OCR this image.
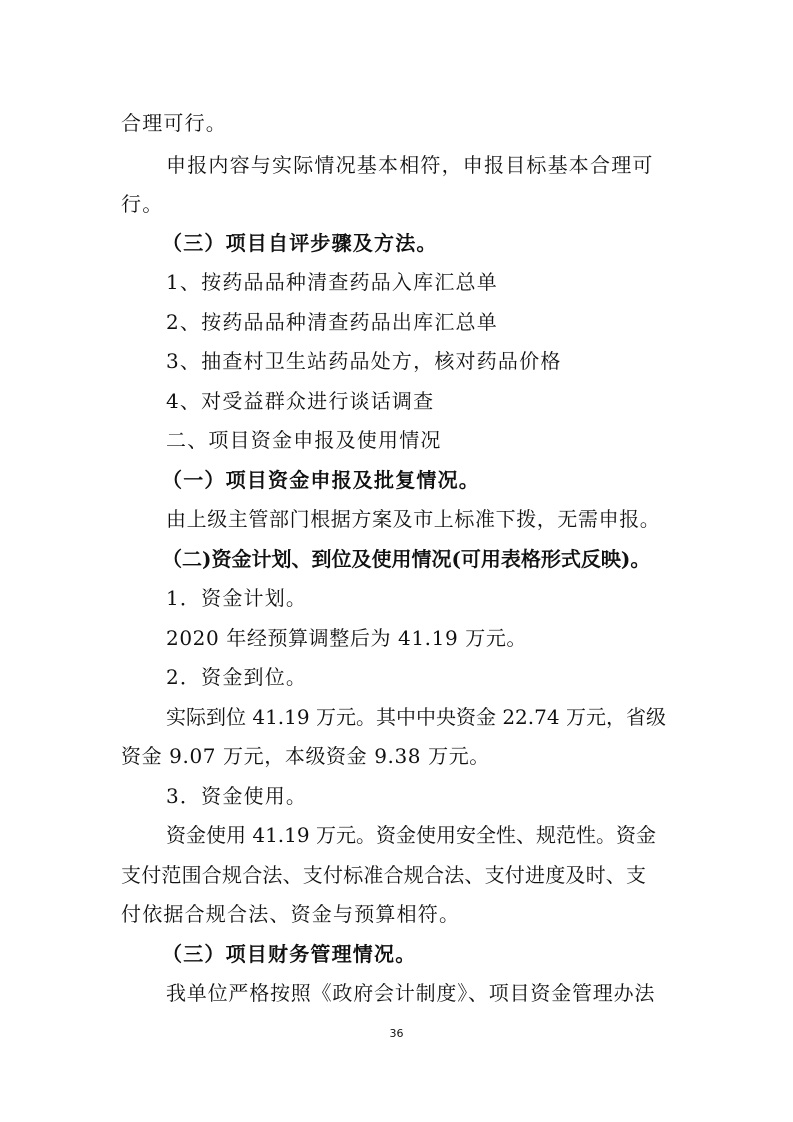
合理可行。
申报内容与实际情况基本相符，申报目标基本合理可
行。
（三）项目自评步骤及方法。
1、按药品品种清查药品入库汇总单
2、按药品品种清查药品出库汇总单
3、抽查村卫生站药品处方，核对药品价格
4、对受益群众进行谈话调查
二、项目资金申报及使用情况
（一）项目资金申报及批复情况。
由上级主管部门根据方案及市上标准下拨，无需申报。
（二)资金计划、到位及使用情况(可用表格形式反映)。
1．资金计划。
2020 年经预算调整后为 41.19 万元。
2．资金到位。
实际到位 41.19 万元。其中中央资金 22.74 万元，省级
资金 9.07 万元，本级资金 9.38 万元。
3．资金使用。
资金使用 41.19 万元。资金使用安全性、规范性。资金
支付范围合规合法、支付标准合规合法、支付进度及时、支
付依据合规合法、资金与预算相符。
（三）项目财务管理情况。
我单位严格按照《政府会计制度》、项目资金管理办法
36
